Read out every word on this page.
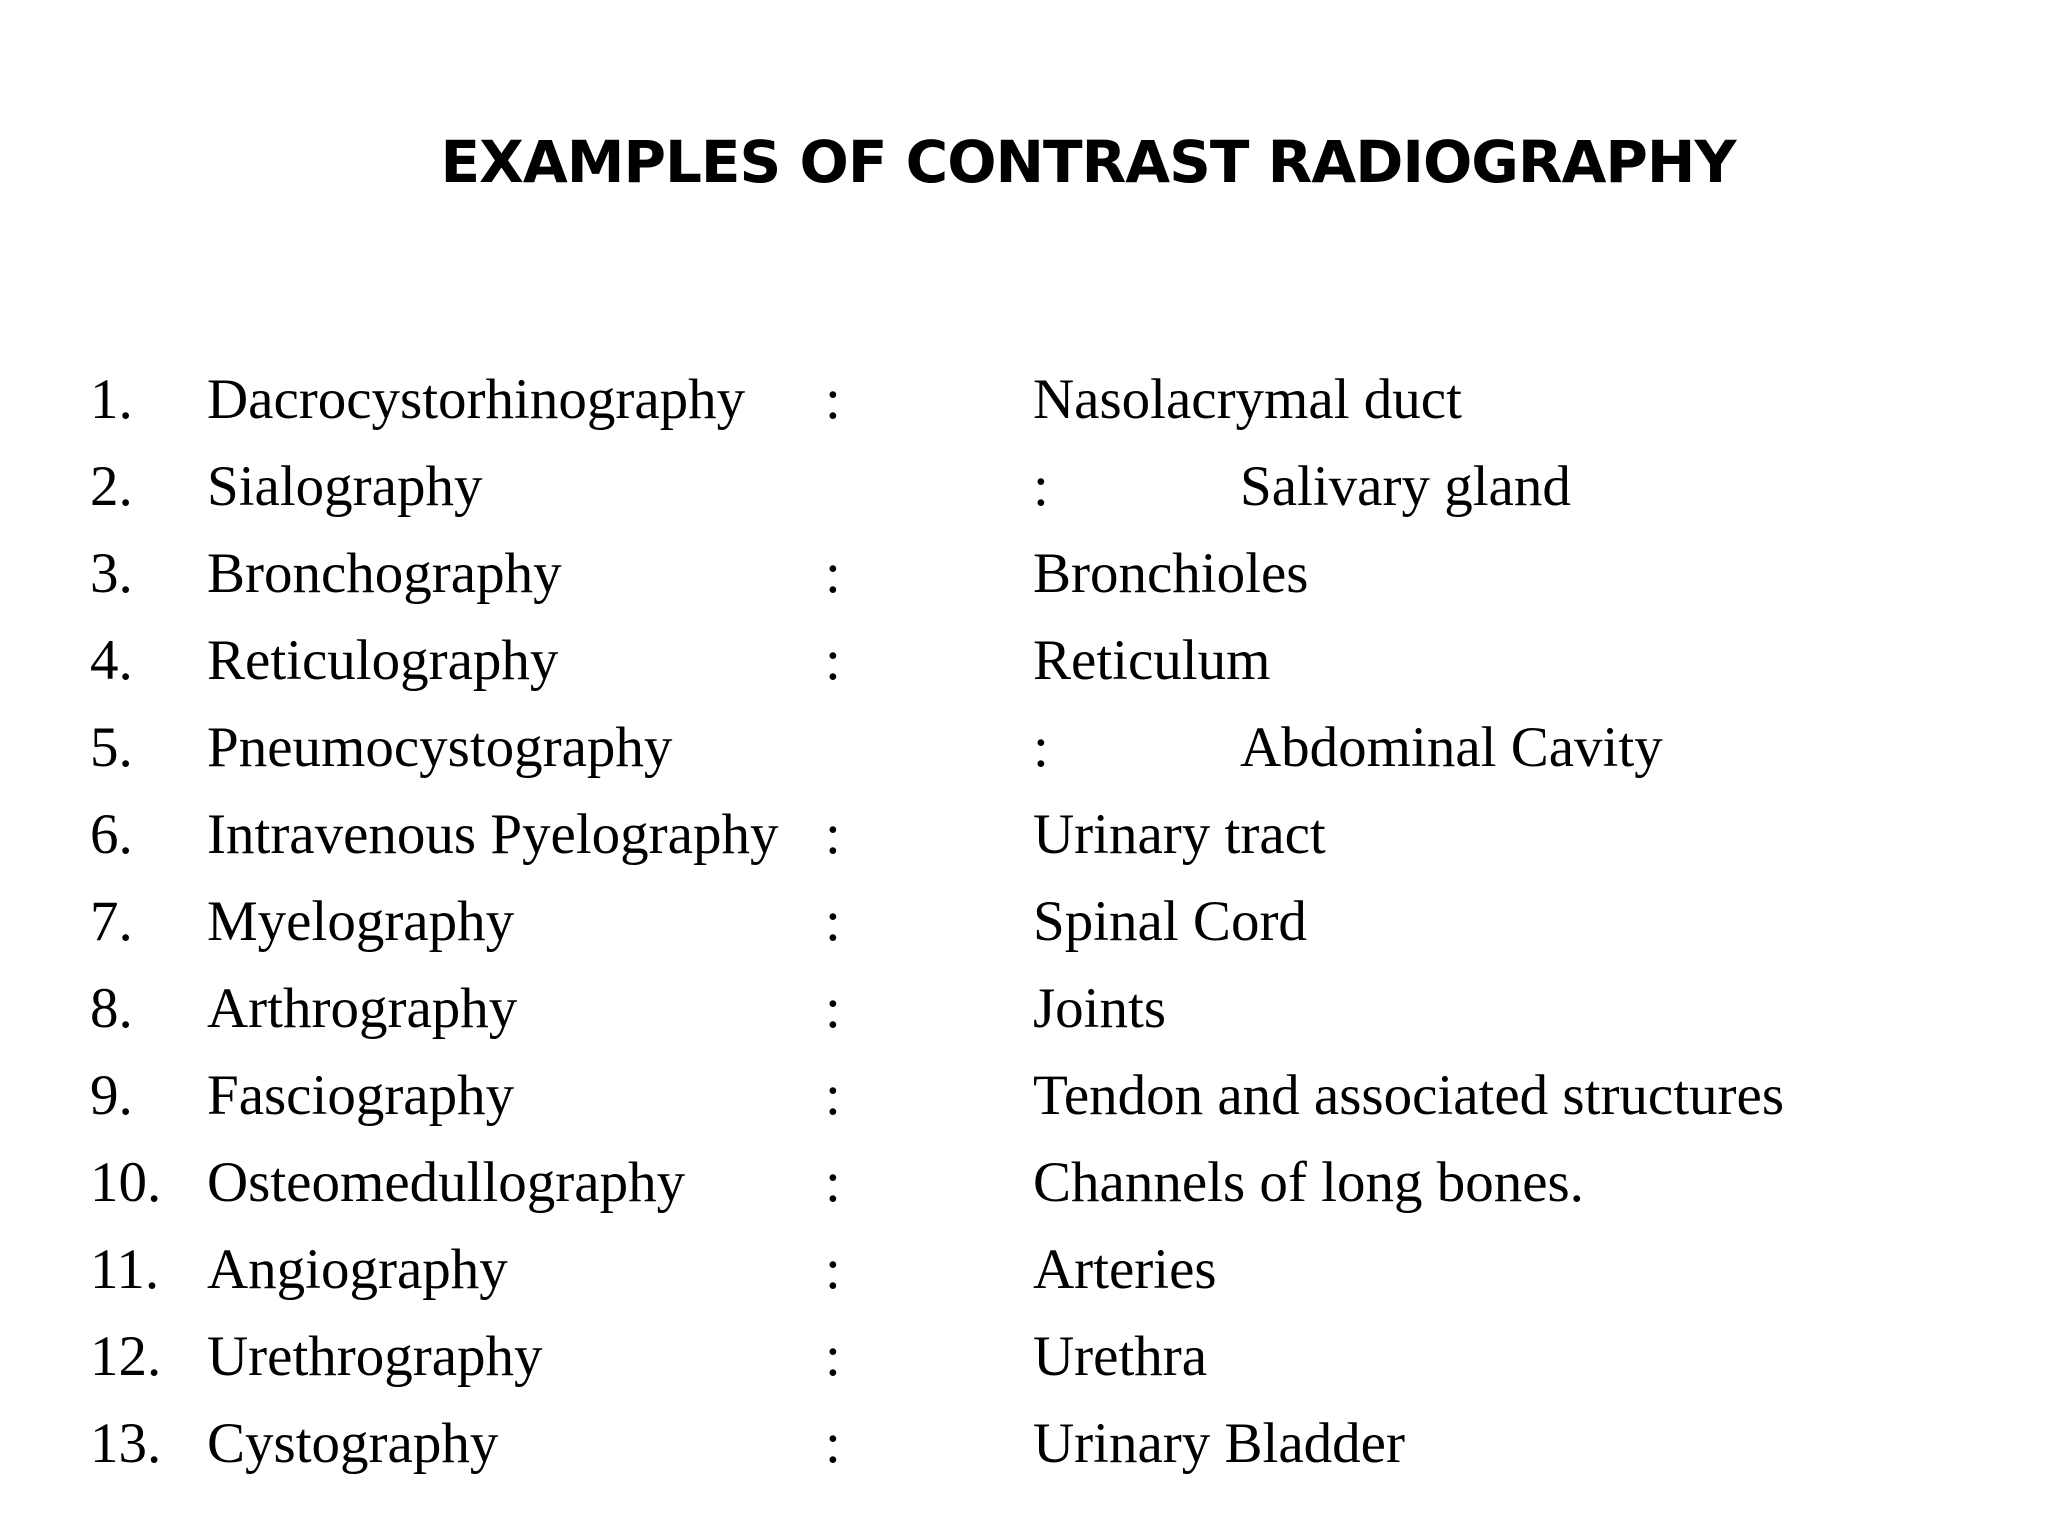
EXAMPLES OF CONTRAST RADIOGRAPHY
1. Dacrocystorhinography :	Nasolacrymal duct
2. Sialography	:	Salivary gland
3. Bronchography	:	Bronchioles
4. Reticulography	:	Reticulum
5. Pneumocystography	:	Abdominal Cavity
6. Intravenous Pyelography :	Urinary tract
7. Myelography	:	Spinal Cord
8. Arthrography	:	Joints
9. Fasciography	:	Tendon and associated structures
10. Osteomedullography :	Channels of long bones.
11. Angiography	:	Arteries
12. Urethrography	:	Urethra
13. Cystography	:	Urinary Bladder
